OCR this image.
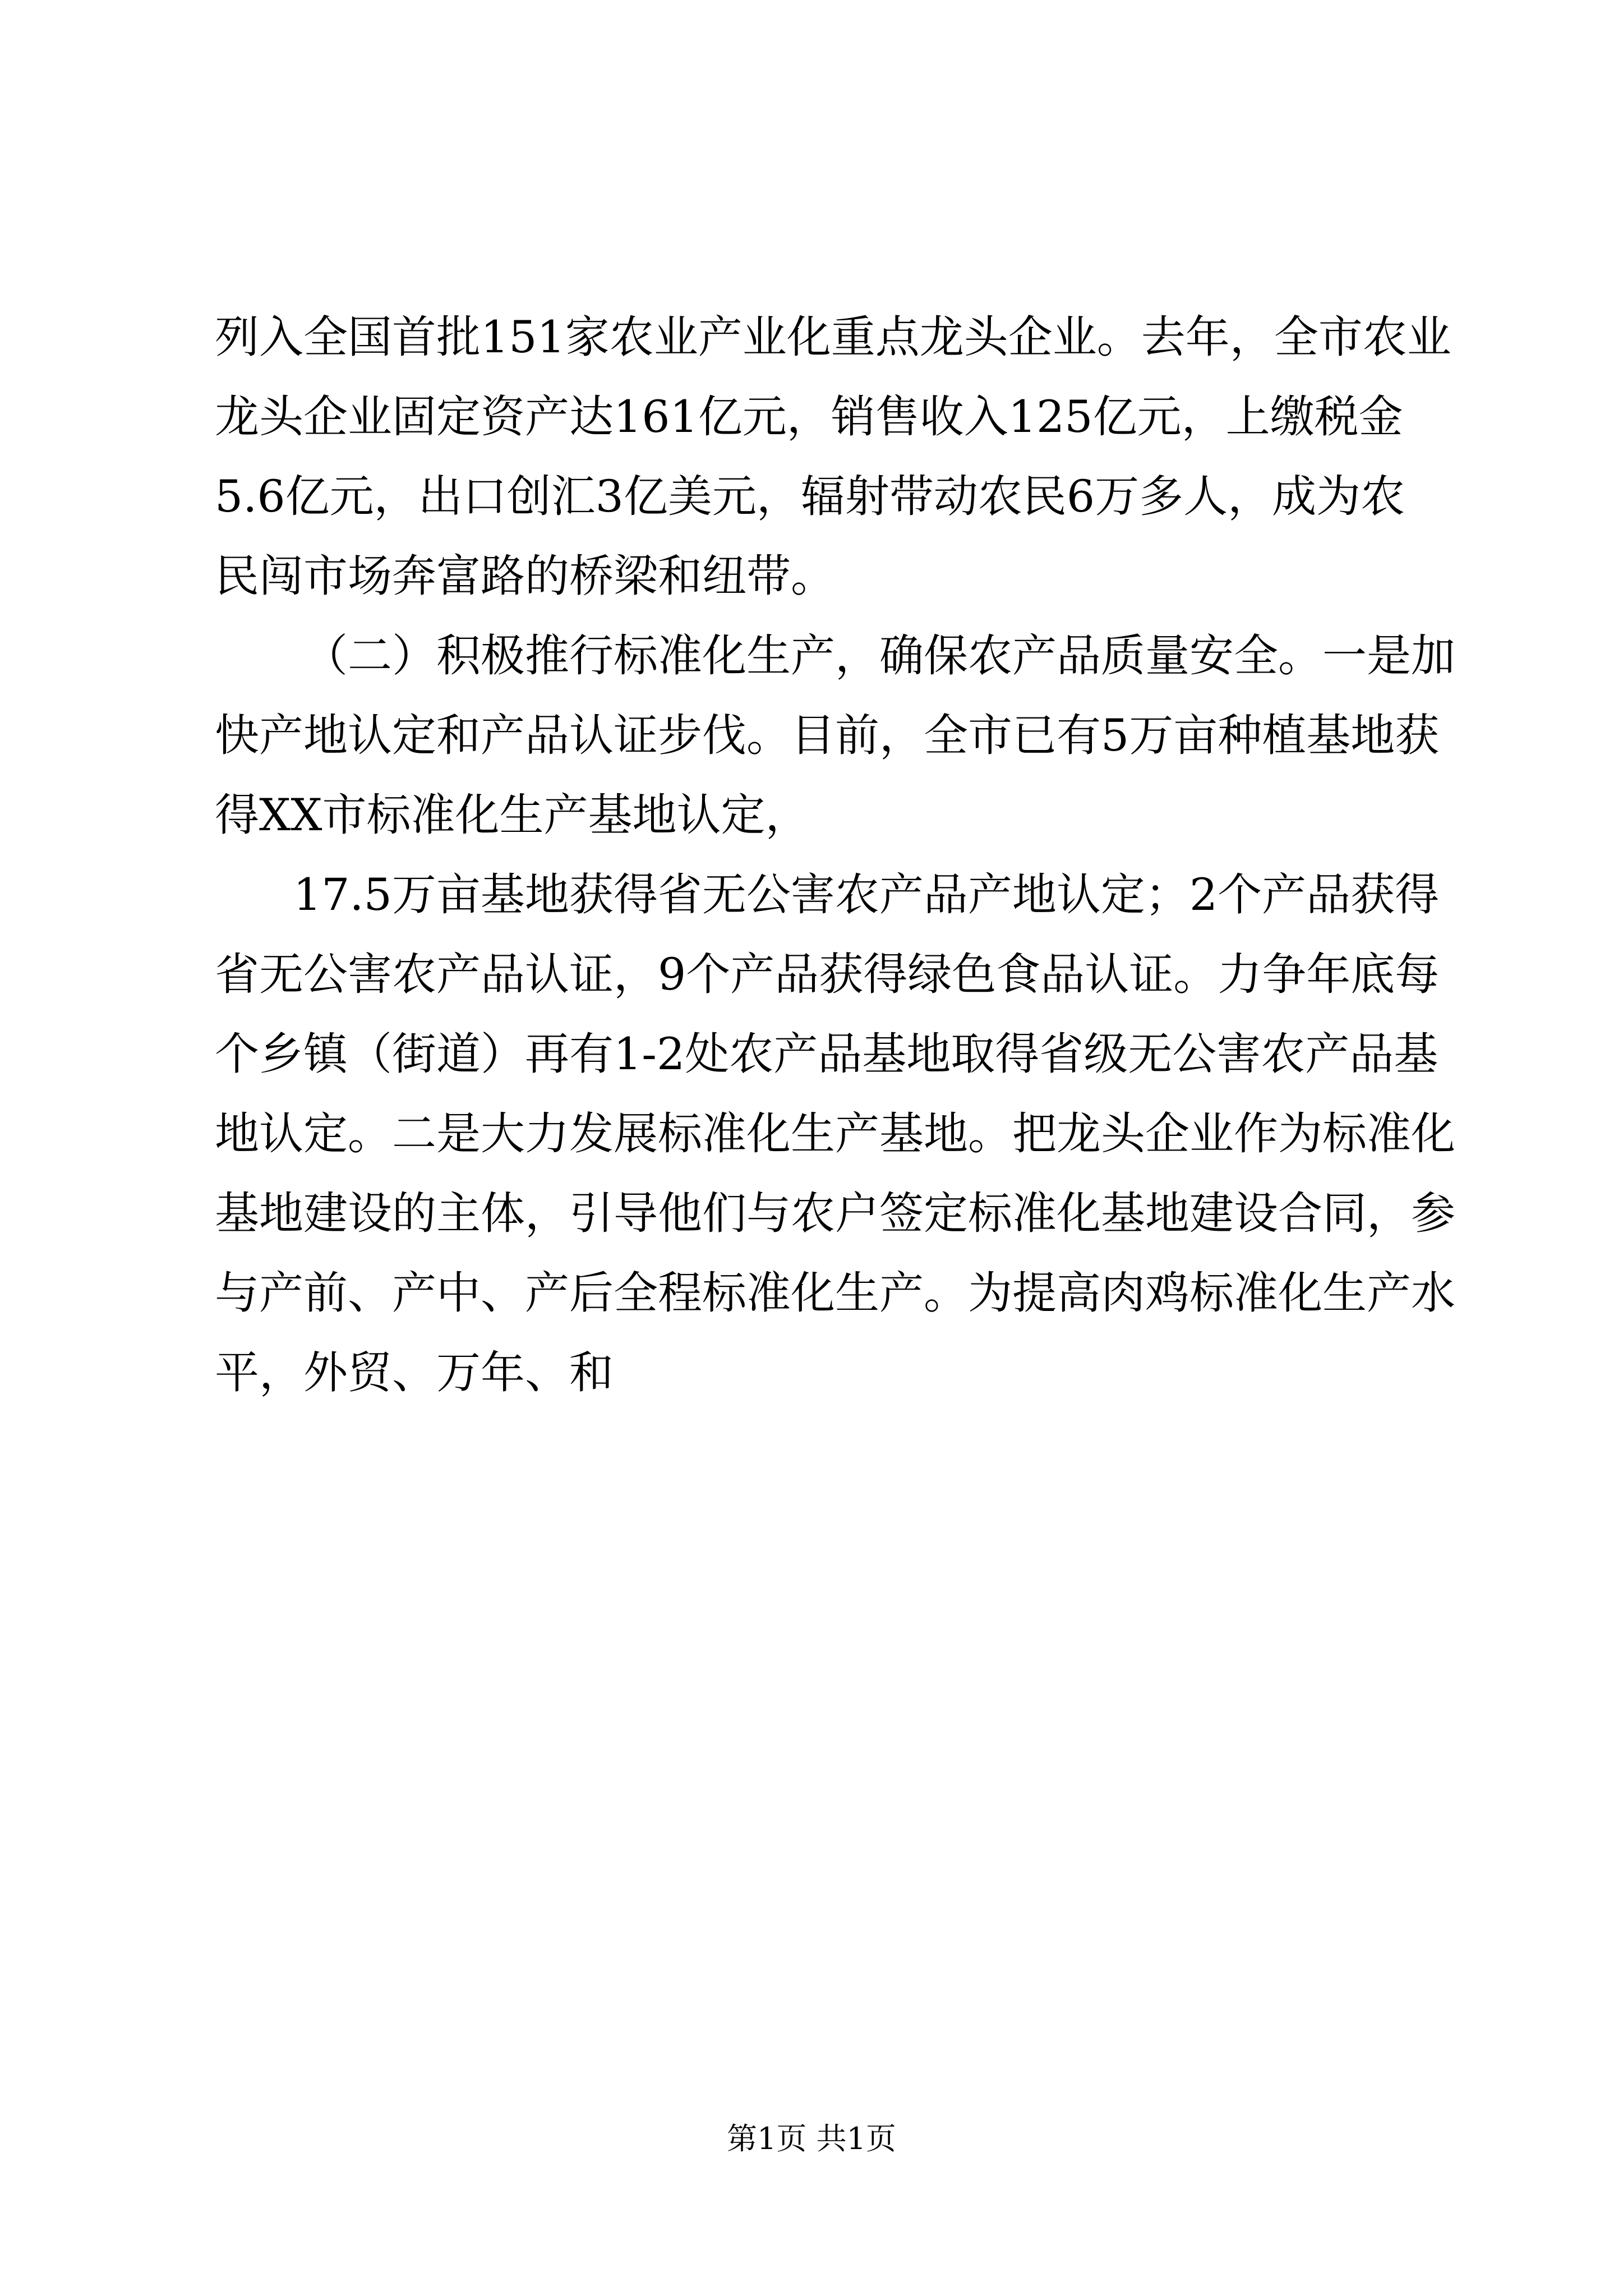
列入全国首批151家农业产业化重点龙头企业。去年，全市农业
龙头企业固定资产达161亿元，销售收入125亿元，上缴税金
5.6亿元，出口创汇3亿美元，辐射带动农民6万多人，成为农
民闯市场奔富路的桥梁和纽带。
（二）积极推行标准化生产，确保农产品质量安全。一是加
快产地认定和产品认证步伐。目前，全市已有5万亩种植基地获
得XX市标准化生产基地认定，
17.5万亩基地获得省无公害农产品产地认定；2个产品获得
省无公害农产品认证，9个产品获得绿色食品认证。力争年底每
个乡镇（街道）再有1-2处农产品基地取得省级无公害农产品基
地认定。二是大力发展标准化生产基地。把龙头企业作为标准化
基地建设的主体，引导他们与农户签定标准化基地建设合同，参
与产前、产中、产后全程标准化生产。为提高肉鸡标准化生产水
平，外贸、万年、和
第1页 共1页
